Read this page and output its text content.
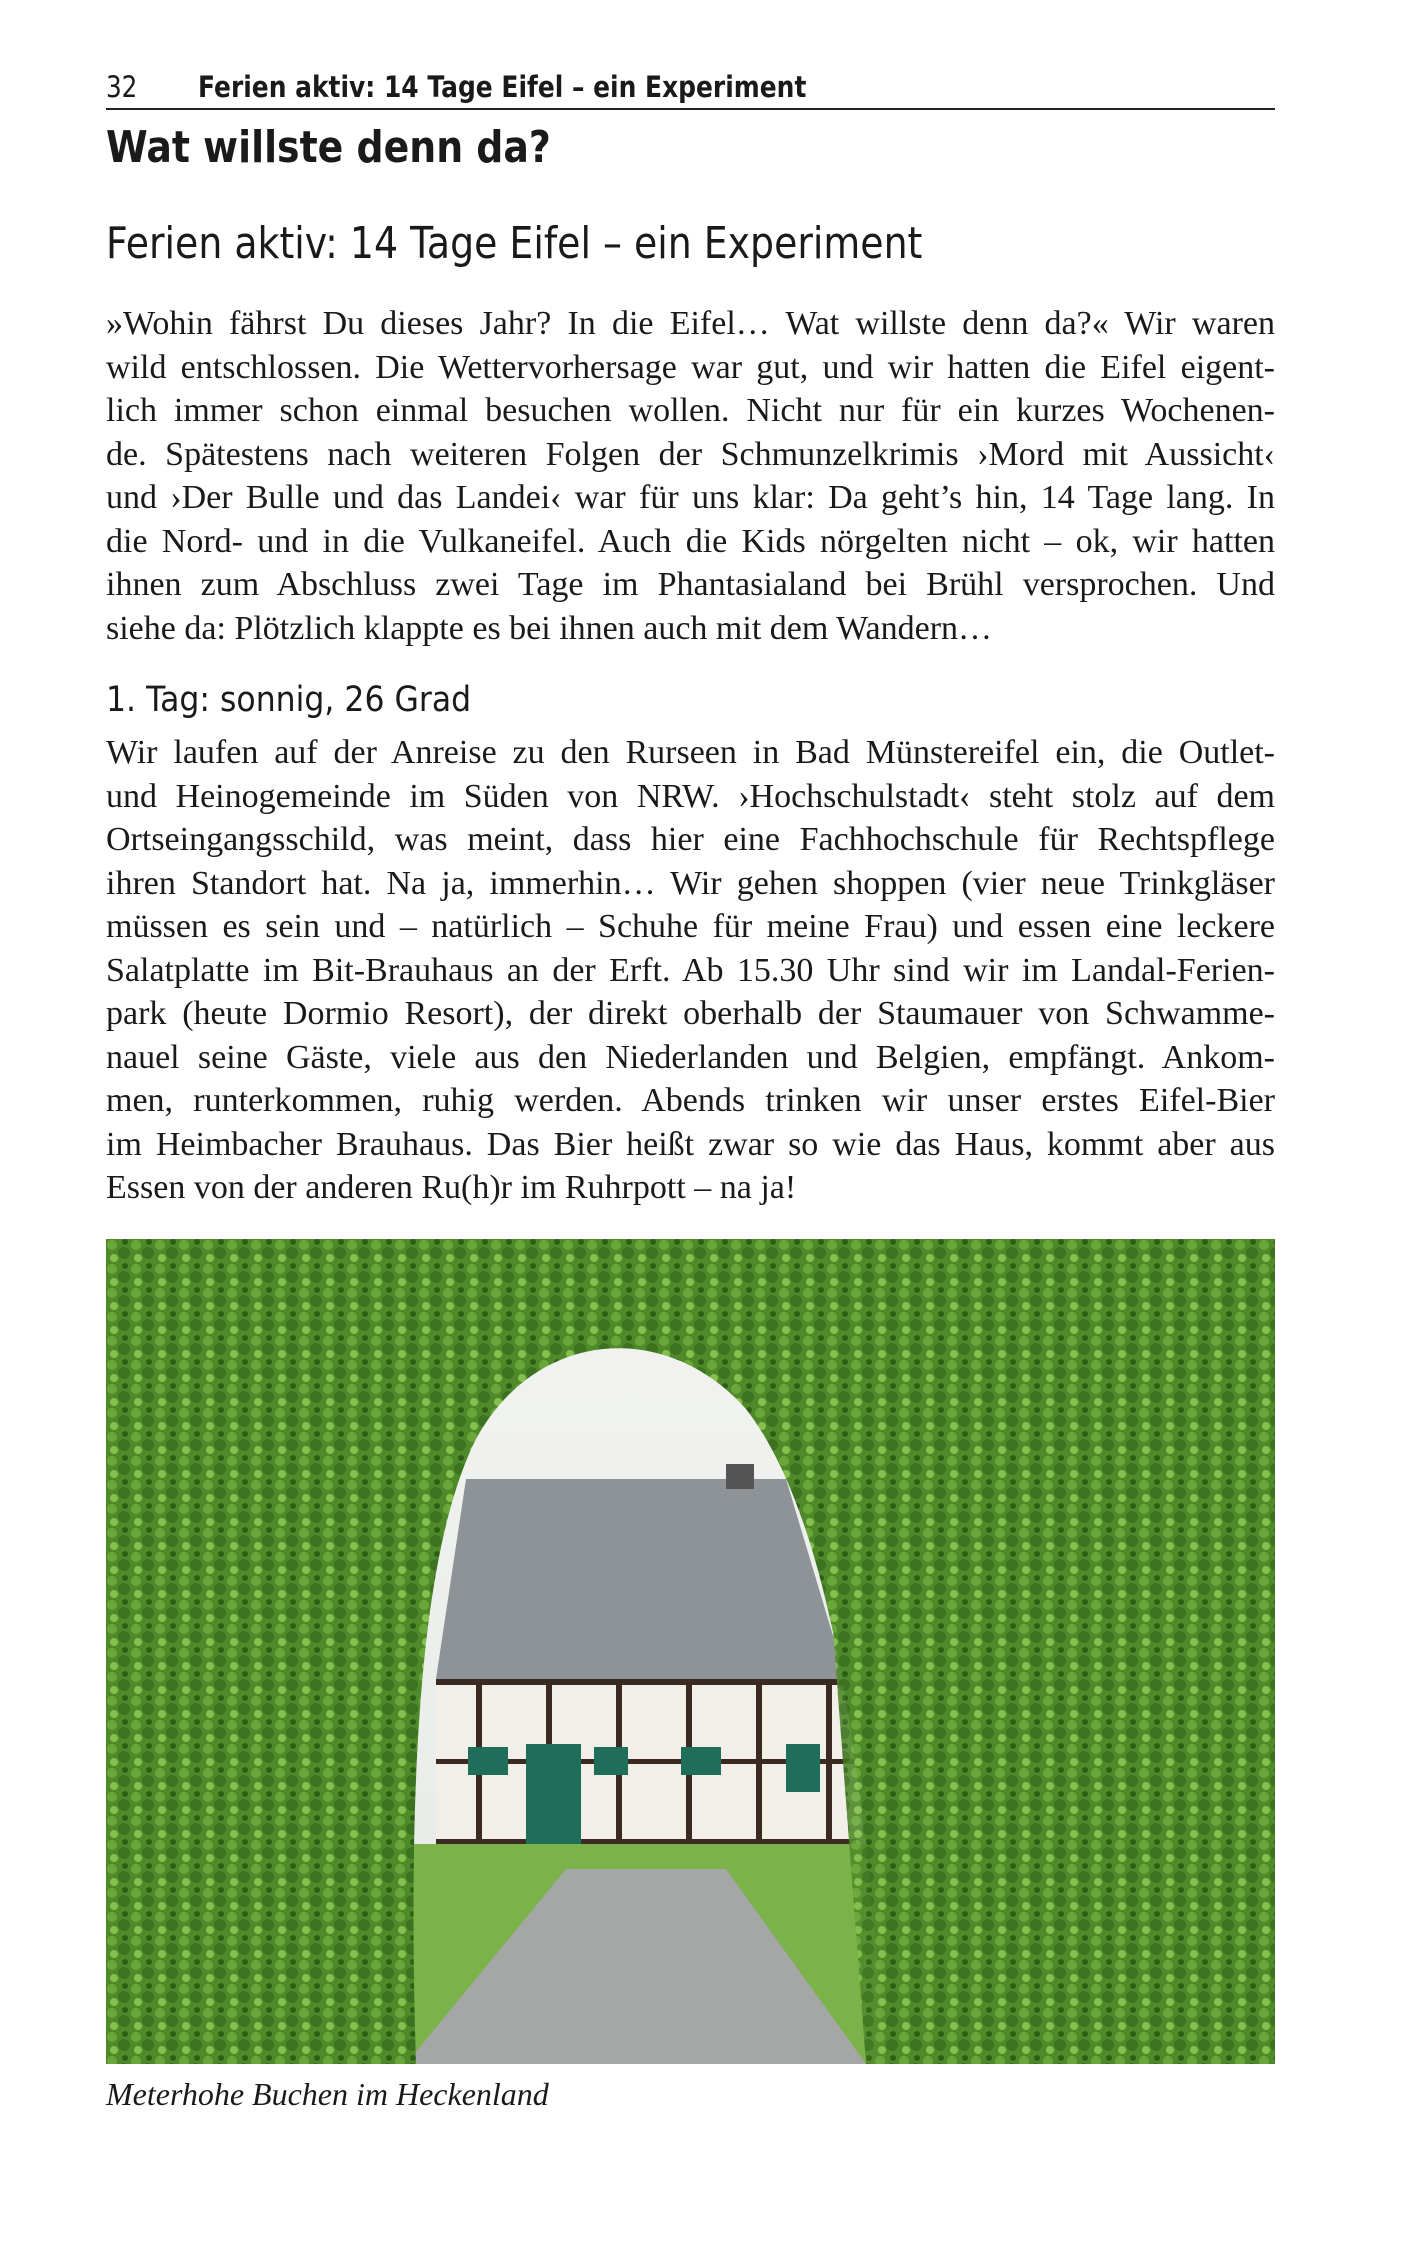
32 Ferien aktiv: 14 Tage Eifel – ein Experiment
Wat willste denn da?
Ferien aktiv: 14 Tage Eifel – ein Experiment
»Wohin fährst Du dieses Jahr? In die Eifel… Wat willste denn da?« Wir waren
wild entschlossen. Die Wettervorhersage war gut, und wir hatten die Eifel eigent-
lich immer schon einmal besuchen wollen. Nicht nur für ein kurzes Wochenen-
de. Spätestens nach weiteren Folgen der Schmunzelkrimis ›Mord mit Aussicht‹
und ›Der Bulle und das Landei‹ war für uns klar: Da geht’s hin, 14 Tage lang. In
die Nord- und in die Vulkaneifel. Auch die Kids nörgelten nicht – ok, wir hatten
ihnen zum Abschluss zwei Tage im Phantasialand bei Brühl versprochen. Und
siehe da: Plötzlich klappte es bei ihnen auch mit dem Wandern…
1. Tag: sonnig, 26 Grad
Wir laufen auf der Anreise zu den Rurseen in Bad Münstereifel ein, die Outlet-
und Heinogemeinde im Süden von NRW. ›Hochschulstadt‹ steht stolz auf dem
Ortseingangsschild, was meint, dass hier eine Fachhochschule für Rechtspflege
ihren Standort hat. Na ja, immerhin… Wir gehen shoppen (vier neue Trinkgläser
müssen es sein und – natürlich – Schuhe für meine Frau) und essen eine leckere
Salatplatte im Bit-Brauhaus an der Erft. Ab 15.30 Uhr sind wir im Landal-Ferien-
park (heute Dormio Resort), der direkt oberhalb der Staumauer von Schwamme-
nauel seine Gäste, viele aus den Niederlanden und Belgien, empfängt. Ankom-
men, runterkommen, ruhig werden. Abends trinken wir unser erstes Eifel-Bier
im Heimbacher Brauhaus. Das Bier heißt zwar so wie das Haus, kommt aber aus
Essen von der anderen Ru(h)r im Ruhrpott – na ja!
Meterhohe Buchen im Heckenland
